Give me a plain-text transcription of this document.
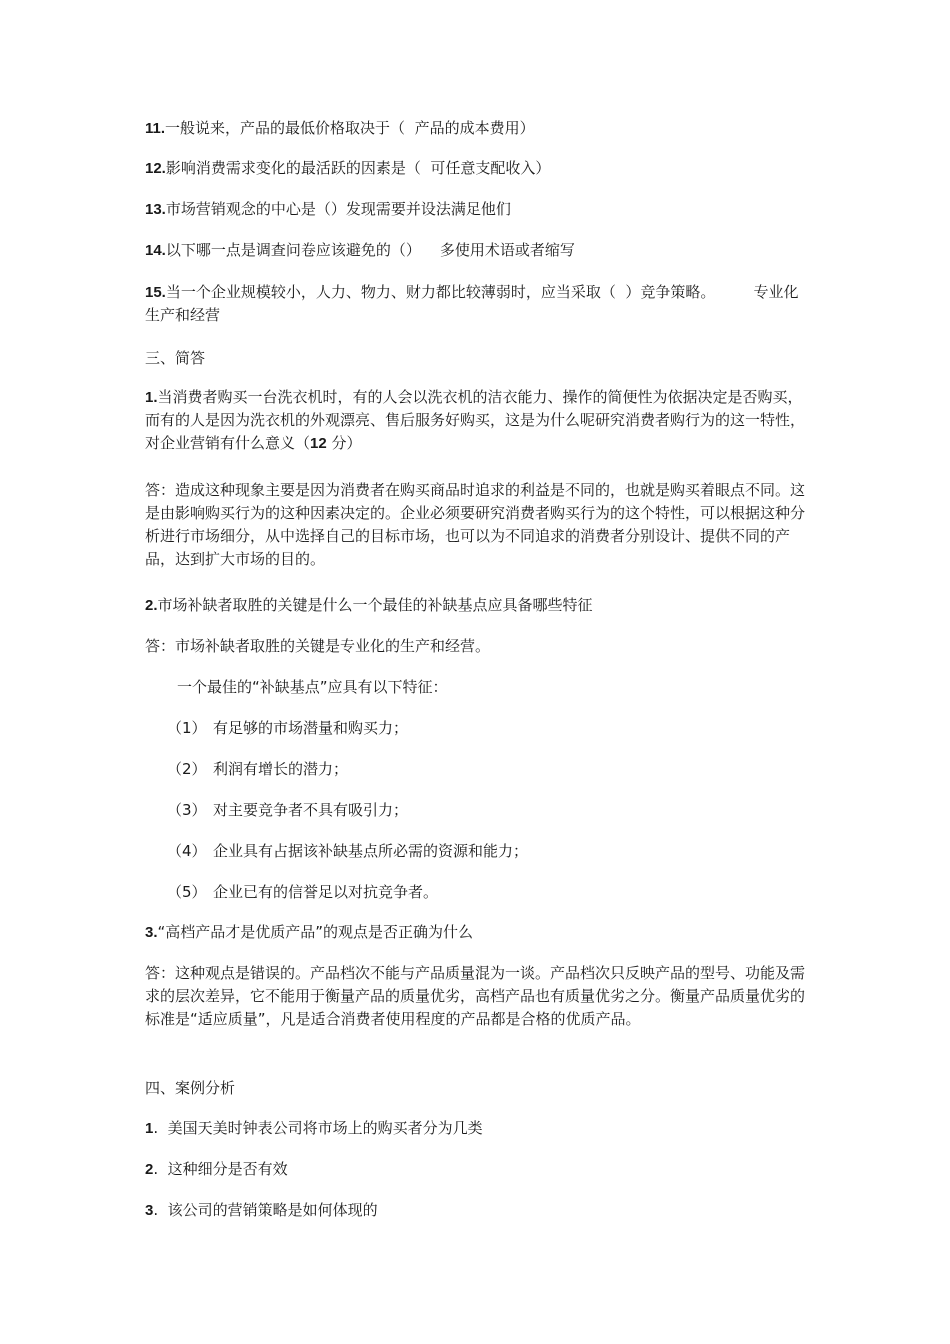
11.一般说来，产品的最低价格取决于（  产品的成本费用）
12.影响消费需求变化的最活跃的因素是（  可任意支配收入）
13.市场营销观念的中心是（）发现需要并设法满足他们
14.以下哪一点是调查问卷应该避免的（）    多使用术语或者缩写
15.当一个企业规模较小，人力、物力、财力都比较薄弱时，应当采取（  ）竞争策略。        专业化生产和经营
三、简答
1.当消费者购买一台洗衣机时，有的人会以洗衣机的洁衣能力、操作的简便性为依据决定是否购买，而有的人是因为洗衣机的外观漂亮、售后服务好购买，这是为什么呢研究消费者购行为的这一特性，对企业营销有什么意义（12 分）
答：造成这种现象主要是因为消费者在购买商品时追求的利益是不同的，也就是购买着眼点不同。这是由影响购买行为的这种因素决定的。企业必须要研究消费者购买行为的这个特性，可以根据这种分析进行市场细分，从中选择自己的目标市场，也可以为不同追求的消费者分别设计、提供不同的产品，达到扩大市场的目的。
2.市场补缺者取胜的关键是什么一个最佳的补缺基点应具备哪些特征
答：市场补缺者取胜的关键是专业化的生产和经营。
一个最佳的“补缺基点”应具有以下特征：
（1） 有足够的市场潜量和购买力；
（2） 利润有增长的潜力；
（3） 对主要竞争者不具有吸引力；
（4） 企业具有占据该补缺基点所必需的资源和能力；
（5） 企业已有的信誉足以对抗竞争者。
3.“高档产品才是优质产品”的观点是否正确为什么
答：这种观点是错误的。产品档次不能与产品质量混为一谈。产品档次只反映产品的型号、功能及需求的层次差异，它不能用于衡量产品的质量优劣，高档产品也有质量优劣之分。衡量产品质量优劣的标准是“适应质量”，凡是适合消费者使用程度的产品都是合格的优质产品。
四、案例分析
1.  美国天美时钟表公司将市场上的购买者分为几类
2.  这种细分是否有效
3.  该公司的营销策略是如何体现的
